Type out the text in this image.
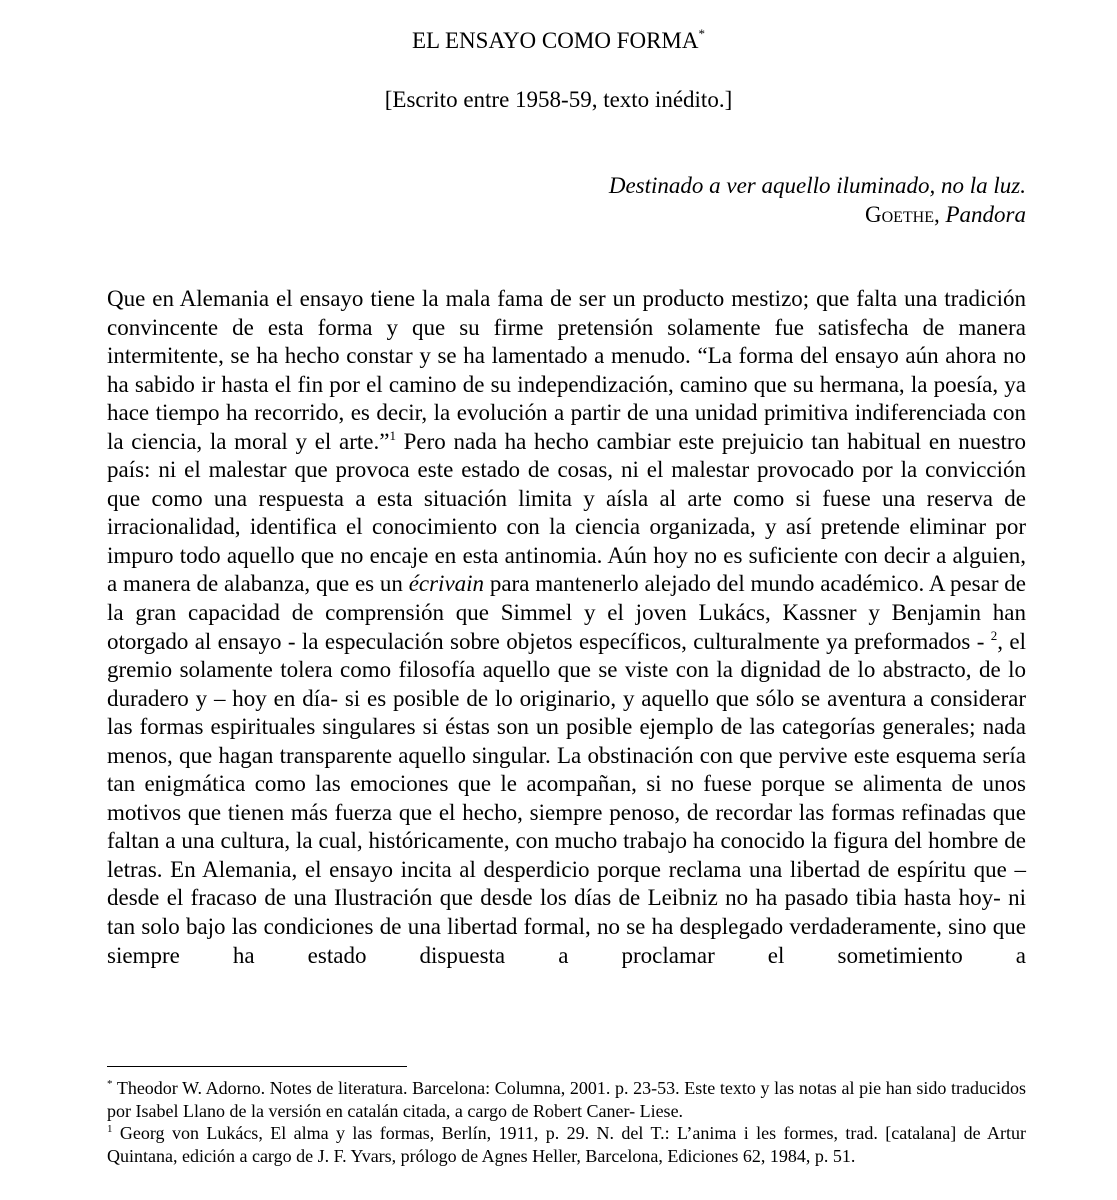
EL ENSAYO COMO FORMA*
[Escrito entre 1958-59, texto inédito.]
Destinado a ver aquello iluminado, no la luz.
Goethe, Pandora

Que en Alemania el ensayo tiene la mala fama de ser un producto mestizo; que falta una tradición convincente de esta forma y que su firme pretensión solamente fue satisfecha de manera intermitente, se ha hecho constar y se ha lamentado a menudo. “La forma del ensayo aún ahora no ha sabido ir hasta el fin por el camino de su independización, camino que su hermana, la poesía, ya hace tiempo ha recorrido, es decir, la evolución a partir de una unidad primitiva indiferenciada con la ciencia, la moral y el arte.”$^1$ Pero nada ha hecho cambiar este prejuicio tan habitual en nuestro país: ni el malestar que provoca este estado de cosas, ni el malestar provocado por la convicción que como una respuesta a esta situación limita y aísla al arte como si fuese una reserva de irracionalidad, identifica el conocimiento con la ciencia organizada, y así pretende eliminar por impuro todo aquello que no encaje en esta antinomia. Aún hoy no es suficiente con decir a alguien, a manera de alabanza, que es un écrivain para mantenerlo alejado del mundo académico. A pesar de la gran capacidad de comprensión que Simmel y el joven Lukács, Kassner y Benjamin han otorgado al ensayo - la especulación sobre objetos específicos, culturalmente ya preformados - $^2$, el gremio solamente tolera como filosofía aquello que se viste con la dignidad de lo abstracto, de lo duradero y – hoy en día- si es posible de lo originario, y aquello que sólo se aventura a considerar las formas espirituales singulares si éstas son un posible ejemplo de las categorías generales; nada menos, que hagan transparente aquello singular. La obstinación con que pervive este esquema sería tan enigmática como las emociones que le acompañan, si no fuese porque se alimenta de unos motivos que tienen más fuerza que el hecho, siempre penoso, de recordar las formas refinadas que faltan a una cultura, la cual, históricamente, con mucho trabajo ha conocido la figura del hombre de letras. En Alemania, el ensayo incita al desperdicio porque reclama una libertad de espíritu que – desde el fracaso de una Ilustración que desde los días de Leibniz no ha pasado tibia hasta hoy- ni tan solo bajo las condiciones de una libertad formal, no se ha desplegado verdaderamente, sino que siempre ha estado dispuesta a proclamar el sometimiento a

* Theodor W. Adorno. Notes de literatura. Barcelona: Columna, 2001. p. 23-53. Este texto y las notas al pie han sido traducidos por Isabel Llano de la versión en catalán citada, a cargo de Robert Caner- Liese.

$^1$ Georg von Lukács, El alma y las formas, Berlín, 1911, p. 29. N. del T.: L’anima i les formes, trad. [catalana] de Artur Quintana, edición a cargo de J. F. Yvars, prólogo de Agnes Heller, Barcelona, Ediciones 62, 1984, p. 51.
